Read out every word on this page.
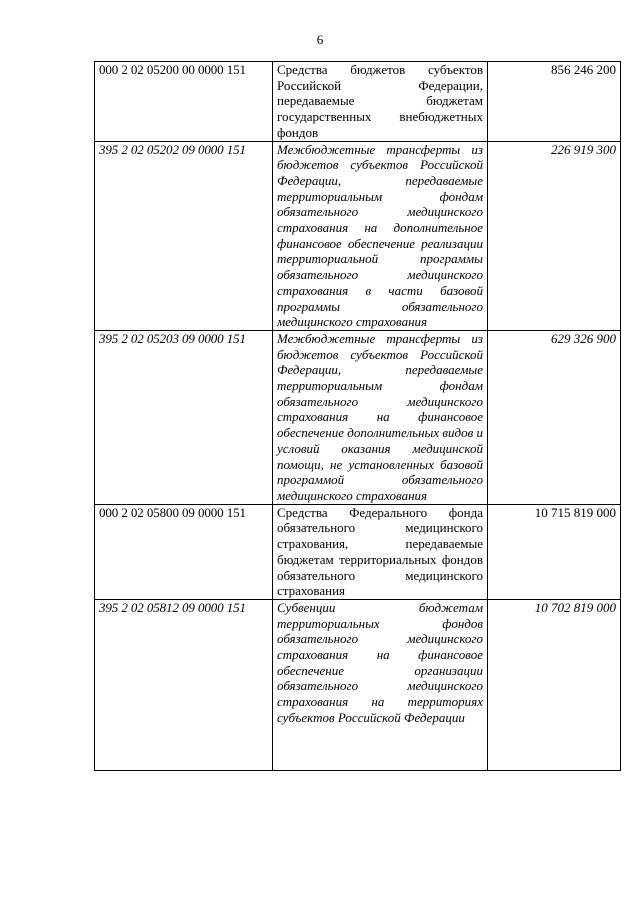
6
000 2 02 05200 00 0000 151	Средства бюджетов субъектов Российской Федерации, передаваемые бюджетам государственных внебюджетных фондов	856 246 200
395 2 02 05202 09 0000 151	Межбюджетные трансферты из бюджетов субъектов Российской Федерации, передаваемые территориальным фондам обязательного медицинского страхования на дополнительное финансовое обеспечение реализации территориальной программы обязательного медицинского страхования в части базовой программы обязательного медицинского страхования	226 919 300
395 2 02 05203 09 0000 151	Межбюджетные трансферты из бюджетов субъектов Российской Федерации, передаваемые территориальным фондам обязательного медицинского страхования на финансовое обеспечение дополнительных видов и условий оказания медицинской помощи, не установленных базовой программой обязательного медицинского страхования	629 326 900
000 2 02 05800 09 0000 151	Средства Федерального фонда обязательного медицинского страхования, передаваемые бюджетам территориальных фондов обязательного медицинского страхования	10 715 819 000
395 2 02 05812 09 0000 151	Субвенции бюджетам территориальных фондов обязательного медицинского страхования на финансовое обеспечение организации обязательного медицинского страхования на территориях субъектов Российской Федерации	10 702 819 000
